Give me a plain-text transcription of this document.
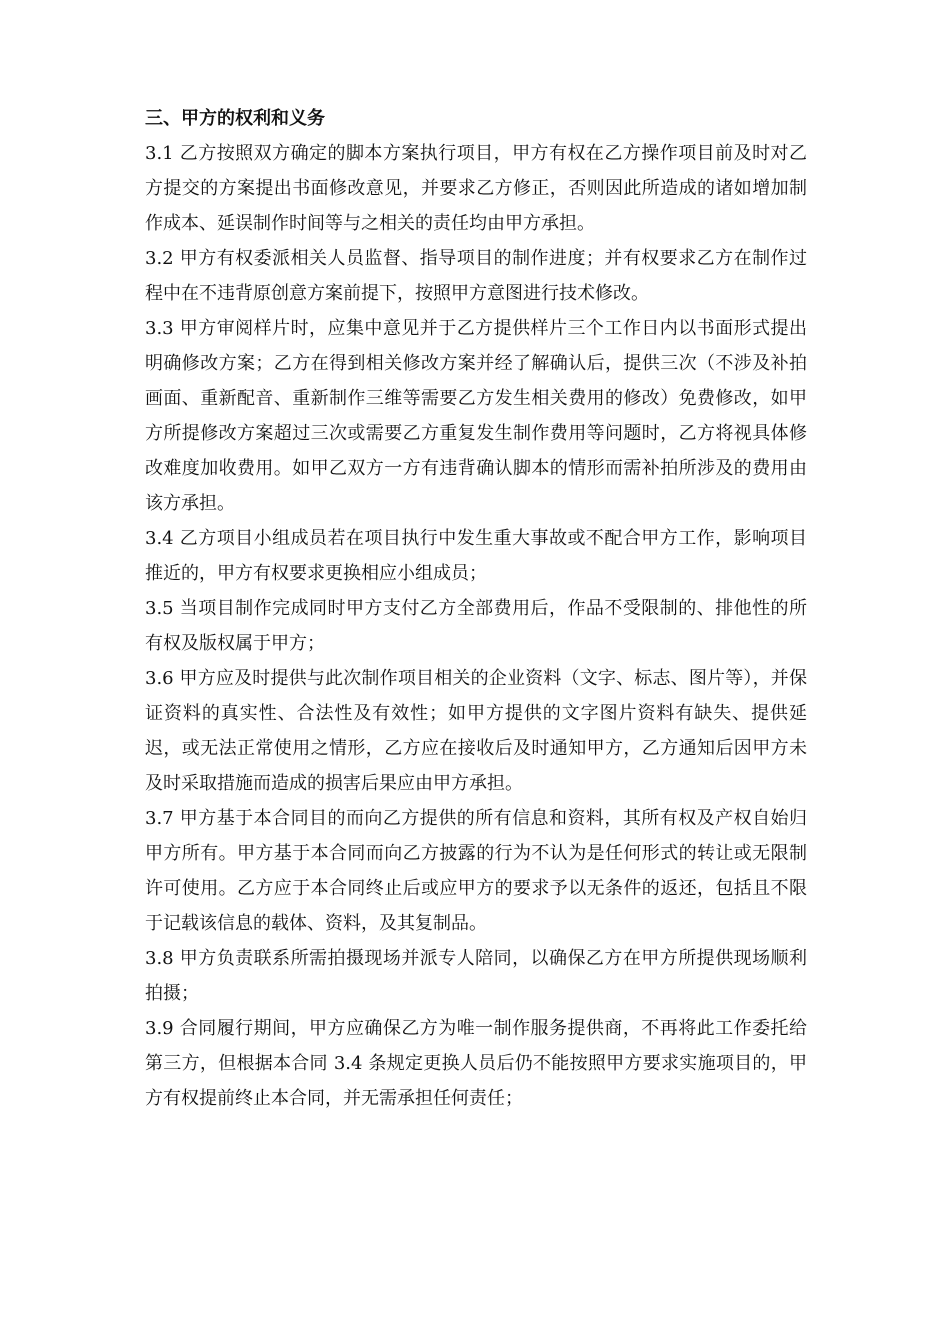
三、甲方的权利和义务

3.1 乙方按照双方确定的脚本方案执行项目，甲方有权在乙方操作项目前及时对乙方提交的方案提出书面修改意见，并要求乙方修正，否则因此所造成的诸如增加制作成本、延误制作时间等与之相关的责任均由甲方承担。

3.2 甲方有权委派相关人员监督、指导项目的制作进度；并有权要求乙方在制作过程中在不违背原创意方案前提下，按照甲方意图进行技术修改。

3.3 甲方审阅样片时，应集中意见并于乙方提供样片三个工作日内以书面形式提出明确修改方案；乙方在得到相关修改方案并经了解确认后，提供三次（不涉及补拍画面、重新配音、重新制作三维等需要乙方发生相关费用的修改）免费修改，如甲方所提修改方案超过三次或需要乙方重复发生制作费用等问题时，乙方将视具体修改难度加收费用。如甲乙双方一方有违背确认脚本的情形而需补拍所涉及的费用由该方承担。

3.4 乙方项目小组成员若在项目执行中发生重大事故或不配合甲方工作，影响项目推近的，甲方有权要求更换相应小组成员；

3.5 当项目制作完成同时甲方支付乙方全部费用后，作品不受限制的、排他性的所有权及版权属于甲方；

3.6 甲方应及时提供与此次制作项目相关的企业资料（文字、标志、图片等），并保证资料的真实性、合法性及有效性；如甲方提供的文字图片资料有缺失、提供延迟，或无法正常使用之情形，乙方应在接收后及时通知甲方，乙方通知后因甲方未及时采取措施而造成的损害后果应由甲方承担。

3.7 甲方基于本合同目的而向乙方提供的所有信息和资料，其所有权及产权自始归甲方所有。甲方基于本合同而向乙方披露的行为不认为是任何形式的转让或无限制许可使用。乙方应于本合同终止后或应甲方的要求予以无条件的返还，包括且不限于记载该信息的载体、资料，及其复制品。

3.8 甲方负责联系所需拍摄现场并派专人陪同，以确保乙方在甲方所提供现场顺利拍摄；

3.9 合同履行期间，甲方应确保乙方为唯一制作服务提供商，不再将此工作委托给第三方，但根据本合同 3.4 条规定更换人员后仍不能按照甲方要求实施项目的，甲方有权提前终止本合同，并无需承担任何责任；
